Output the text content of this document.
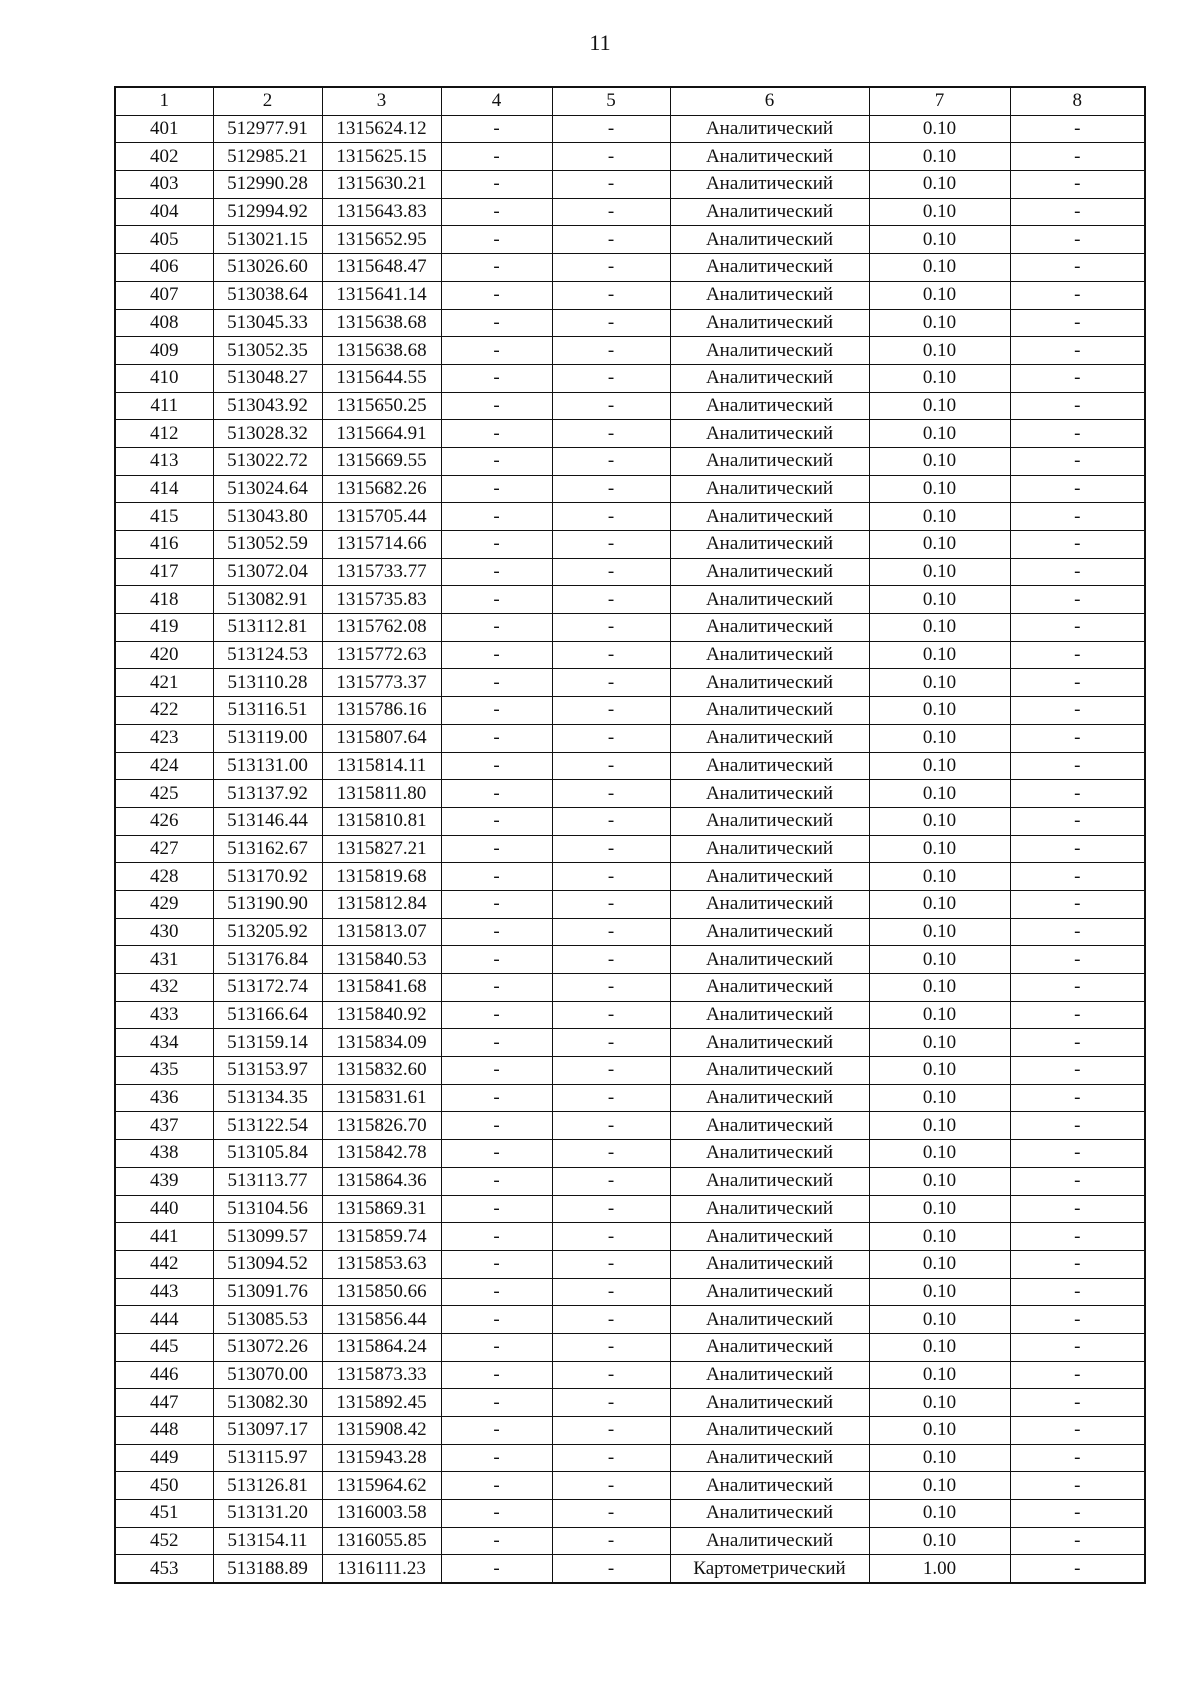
11
1	2	3	4	5	6	7	8
401	512977.91	1315624.12	-	-	Аналитический	0.10	-
402	512985.21	1315625.15	-	-	Аналитический	0.10	-
403	512990.28	1315630.21	-	-	Аналитический	0.10	-
404	512994.92	1315643.83	-	-	Аналитический	0.10	-
405	513021.15	1315652.95	-	-	Аналитический	0.10	-
406	513026.60	1315648.47	-	-	Аналитический	0.10	-
407	513038.64	1315641.14	-	-	Аналитический	0.10	-
408	513045.33	1315638.68	-	-	Аналитический	0.10	-
409	513052.35	1315638.68	-	-	Аналитический	0.10	-
410	513048.27	1315644.55	-	-	Аналитический	0.10	-
411	513043.92	1315650.25	-	-	Аналитический	0.10	-
412	513028.32	1315664.91	-	-	Аналитический	0.10	-
413	513022.72	1315669.55	-	-	Аналитический	0.10	-
414	513024.64	1315682.26	-	-	Аналитический	0.10	-
415	513043.80	1315705.44	-	-	Аналитический	0.10	-
416	513052.59	1315714.66	-	-	Аналитический	0.10	-
417	513072.04	1315733.77	-	-	Аналитический	0.10	-
418	513082.91	1315735.83	-	-	Аналитический	0.10	-
419	513112.81	1315762.08	-	-	Аналитический	0.10	-
420	513124.53	1315772.63	-	-	Аналитический	0.10	-
421	513110.28	1315773.37	-	-	Аналитический	0.10	-
422	513116.51	1315786.16	-	-	Аналитический	0.10	-
423	513119.00	1315807.64	-	-	Аналитический	0.10	-
424	513131.00	1315814.11	-	-	Аналитический	0.10	-
425	513137.92	1315811.80	-	-	Аналитический	0.10	-
426	513146.44	1315810.81	-	-	Аналитический	0.10	-
427	513162.67	1315827.21	-	-	Аналитический	0.10	-
428	513170.92	1315819.68	-	-	Аналитический	0.10	-
429	513190.90	1315812.84	-	-	Аналитический	0.10	-
430	513205.92	1315813.07	-	-	Аналитический	0.10	-
431	513176.84	1315840.53	-	-	Аналитический	0.10	-
432	513172.74	1315841.68	-	-	Аналитический	0.10	-
433	513166.64	1315840.92	-	-	Аналитический	0.10	-
434	513159.14	1315834.09	-	-	Аналитический	0.10	-
435	513153.97	1315832.60	-	-	Аналитический	0.10	-
436	513134.35	1315831.61	-	-	Аналитический	0.10	-
437	513122.54	1315826.70	-	-	Аналитический	0.10	-
438	513105.84	1315842.78	-	-	Аналитический	0.10	-
439	513113.77	1315864.36	-	-	Аналитический	0.10	-
440	513104.56	1315869.31	-	-	Аналитический	0.10	-
441	513099.57	1315859.74	-	-	Аналитический	0.10	-
442	513094.52	1315853.63	-	-	Аналитический	0.10	-
443	513091.76	1315850.66	-	-	Аналитический	0.10	-
444	513085.53	1315856.44	-	-	Аналитический	0.10	-
445	513072.26	1315864.24	-	-	Аналитический	0.10	-
446	513070.00	1315873.33	-	-	Аналитический	0.10	-
447	513082.30	1315892.45	-	-	Аналитический	0.10	-
448	513097.17	1315908.42	-	-	Аналитический	0.10	-
449	513115.97	1315943.28	-	-	Аналитический	0.10	-
450	513126.81	1315964.62	-	-	Аналитический	0.10	-
451	513131.20	1316003.58	-	-	Аналитический	0.10	-
452	513154.11	1316055.85	-	-	Аналитический	0.10	-
453	513188.89	1316111.23	-	-	Картометрический	1.00	-
